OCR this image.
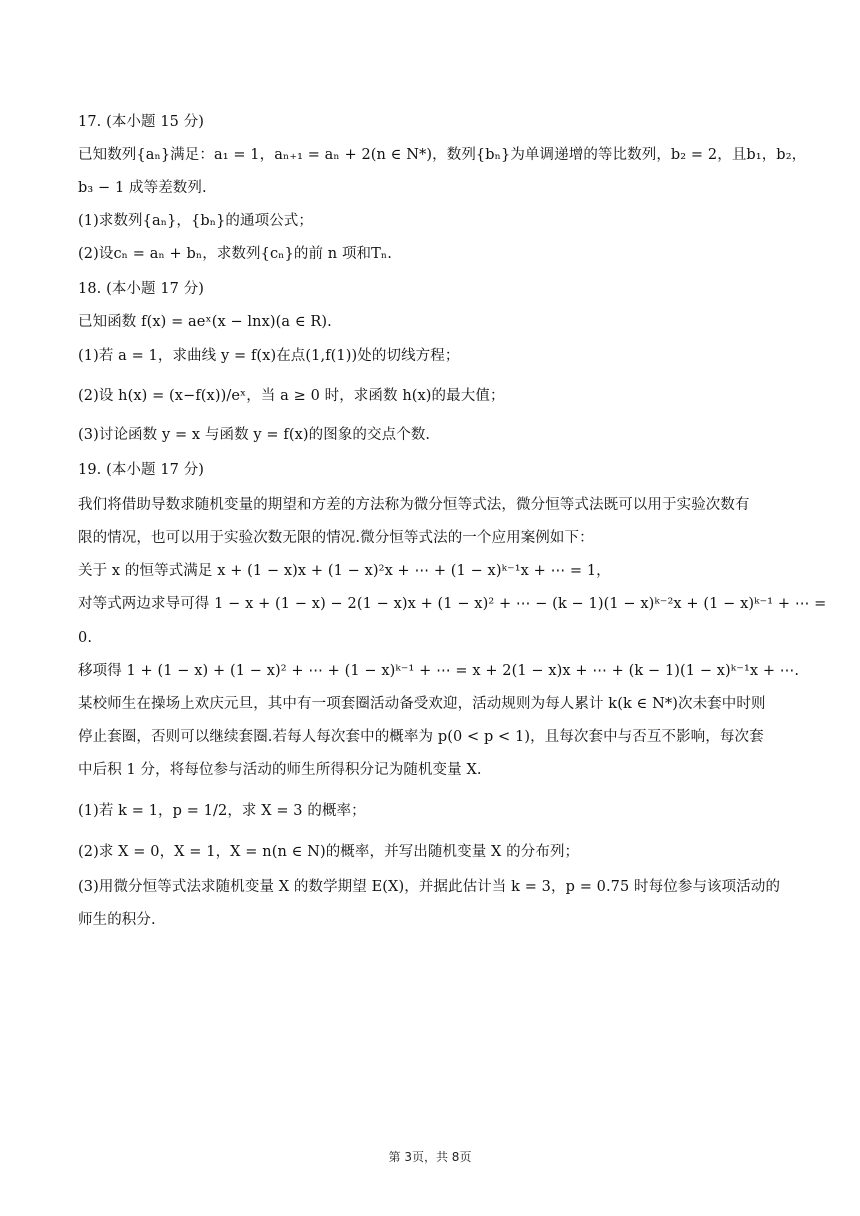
17. (本小题 15 分)
已知数列{aₙ}满足：a₁ = 1，aₙ₊₁ = aₙ + 2(n ∈ N*)，数列{bₙ}为单调递增的等比数列，b₂ = 2，且b₁，b₂，
b₃ − 1 成等差数列.
(1)求数列{aₙ}，{bₙ}的通项公式；
(2)设cₙ = aₙ + bₙ，求数列{cₙ}的前 n 项和Tₙ.
18. (本小题 17 分)
已知函数 f(x) = aeˣ(x − lnx)(a ∈ R).
(1)若 a = 1，求曲线 y = f(x)在点(1,f(1))处的切线方程；
(2)设 h(x) = (x−f(x))/eˣ，当 a ≥ 0 时，求函数 h(x)的最大值；
(3)讨论函数 y = x 与函数 y = f(x)的图象的交点个数.
19. (本小题 17 分)
我们将借助导数求随机变量的期望和方差的方法称为微分恒等式法，微分恒等式法既可以用于实验次数有
限的情况，也可以用于实验次数无限的情况.微分恒等式法的一个应用案例如下：
关于 x 的恒等式满足 x + (1 − x)x + (1 − x)²x + ⋯ + (1 − x)ᵏ⁻¹x + ⋯ = 1，
对等式两边求导可得 1 − x + (1 − x) − 2(1 − x)x + (1 − x)² + ⋯ − (k − 1)(1 − x)ᵏ⁻²x + (1 − x)ᵏ⁻¹ + ⋯ =
0.
移项得 1 + (1 − x) + (1 − x)² + ⋯ + (1 − x)ᵏ⁻¹ + ⋯ = x + 2(1 − x)x + ⋯ + (k − 1)(1 − x)ᵏ⁻¹x + ⋯.
某校师生在操场上欢庆元旦，其中有一项套圈活动备受欢迎，活动规则为每人累计 k(k ∈ N*)次未套中时则
停止套圈，否则可以继续套圈.若每人每次套中的概率为 p(0 < p < 1)，且每次套中与否互不影响，每次套
中后积 1 分，将每位参与活动的师生所得积分记为随机变量 X.
(1)若 k = 1，p = 1/2，求 X = 3 的概率；
(2)求 X = 0，X = 1，X = n(n ∈ N)的概率，并写出随机变量 X 的分布列；
(3)用微分恒等式法求随机变量 X 的数学期望 E(X)，并据此估计当 k = 3，p = 0.75 时每位参与该项活动的
师生的积分.
第 3页，共 8页
